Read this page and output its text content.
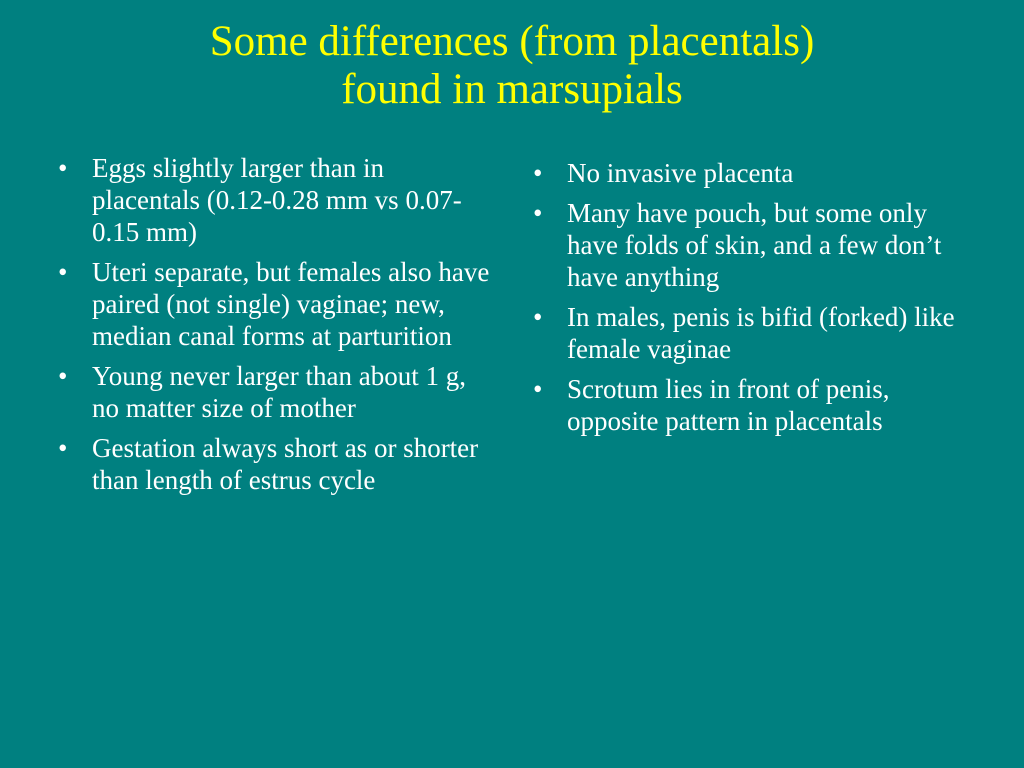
Some differences (from placentals)
found in marsupials
• Eggs slightly larger than in placentals (0.12-0.28 mm vs 0.07-0.15 mm)
• Uteri separate, but females also have paired (not single) vaginae; new, median canal forms at parturition
• Young never larger than about 1 g, no matter size of mother
• Gestation always short as or shorter than length of estrus cycle
• No invasive placenta
• Many have pouch, but some only have folds of skin, and a few don’t have anything
• In males, penis is bifid (forked) like female vaginae
• Scrotum lies in front of penis, opposite pattern in placentals
